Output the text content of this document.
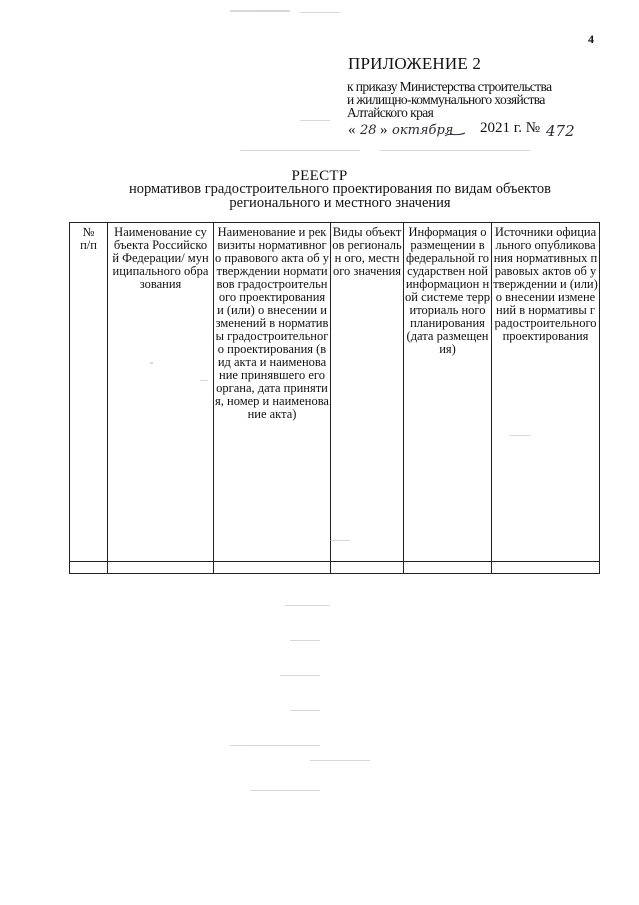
4
ПРИЛОЖЕНИЕ 2
к приказу Министерства строительства
и жилищно-коммунального хозяйства
Алтайского края
« 28 » октября 2021 г. № 472
РЕЕСТР
нормативов градостроительного проектирования по видам объектов
регионального и местного значения
№ п/п	Наименование субъекта Российской Федерации/ муниципального образования	Наименование и реквизиты нормативного правового акта об утверждении нормативов градостроительного проектирования и (или) о внесении изменений в нормативы градостроительного проектирования (вид акта и наименование принявшего его органа, дата принятия, номер и наименование акта)	Виды объектов региональн ого, местного значения	Информация о размещении в федеральной государствен ной информацион ной системе территориаль ного планирования (дата размещения)	Источники официального опубликования нормативных правовых актов об утверждении и (или) о внесении изменений в нормативы градостроительного проектирования
